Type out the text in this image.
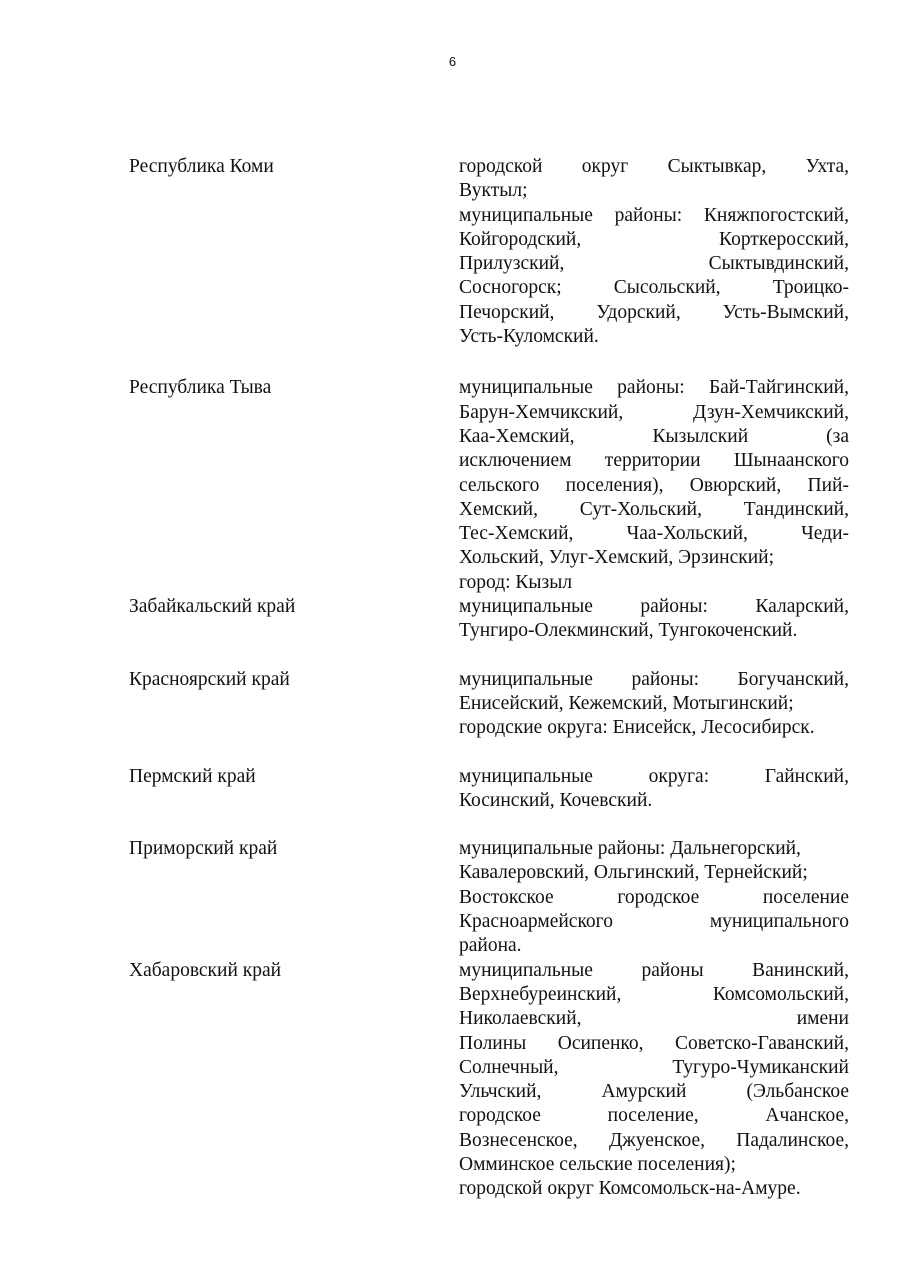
6

Республика Коми	городской округ Сыктывкар, Ухта,
Вуктыл;
муниципальные районы: Княжпогостский,
Койгородский, Корткеросский,
Прилузский, Сыктывдинский,
Сосногорск; Сысольский, Троицко-
Печорский, Удорский, Усть-Вымский,
Усть-Куломский.

Республика Тыва	муниципальные районы: Бай-Тайгинский,
Барун-Хемчикский, Дзун-Хемчикский,
Каа-Хемский, Кызылский (за
исключением территории Шынаанского
сельского поселения), Овюрский, Пий-
Хемский, Сут-Хольский, Тандинский,
Тес-Хемский, Чаа-Хольский, Чеди-
Хольский, Улуг-Хемский, Эрзинский;
город: Кызыл

Забайкальский край	муниципальные районы: Каларский,
Тунгиро-Олекминский, Тунгокоченский.

Красноярский край	муниципальные районы: Богучанский,
Енисейский, Кежемский, Мотыгинский;
городские округа: Енисейск, Лесосибирск.

Пермский край	муниципальные округа: Гайнский,
Косинский, Кочевский.

Приморский край	муниципальные районы: Дальнегорский,
Кавалеровский, Ольгинский, Тернейский;
Востокское городское поселение
Красноармейского муниципального
района.

Хабаровский край	муниципальные районы Ванинский,
Верхнебуреинский, Комсомольский,
Николаевский, имени
Полины Осипенко, Советско-Гаванский,
Солнечный, Тугуро-Чумиканский
Ульчский, Амурский (Эльбанское
городское поселение, Ачанское,
Вознесенское, Джуенское, Падалинское,
Омминское сельские поселения);
городской округ Комсомольск-на-Амуре.
